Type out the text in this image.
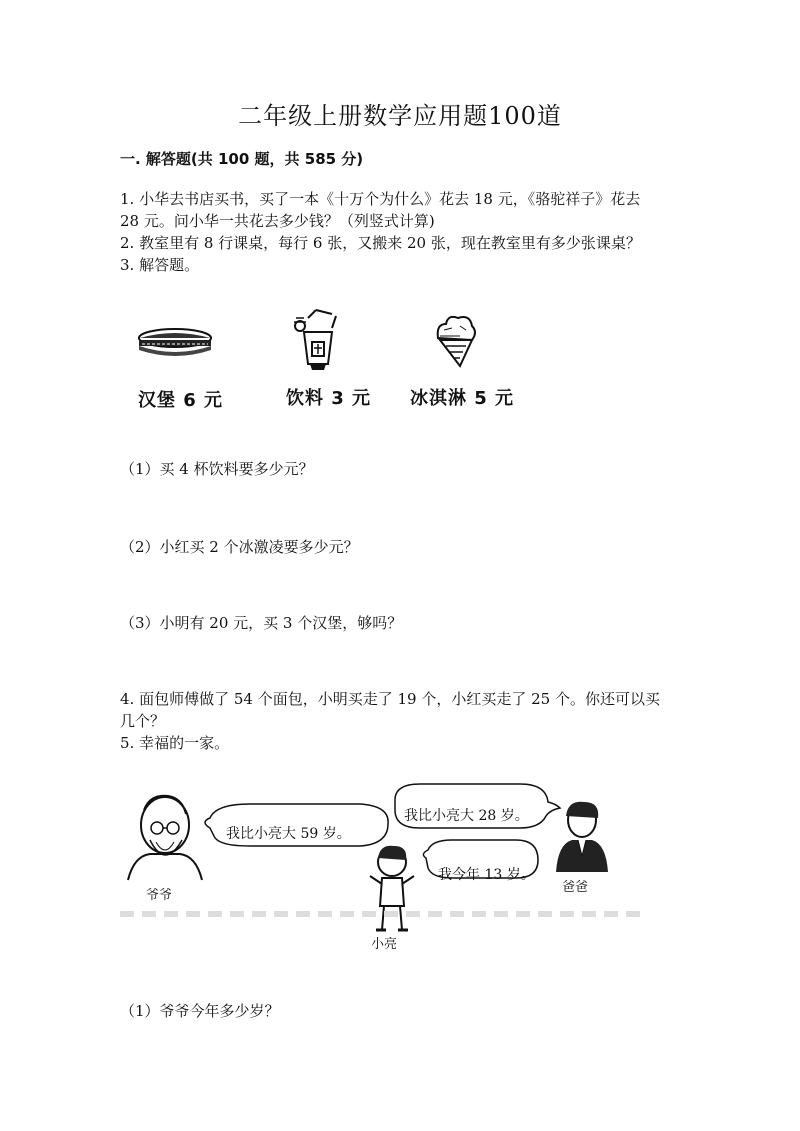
二年级上册数学应用题100道
一. 解答题(共 100 题，共 585 分)
1. 小华去书店买书，买了一本《十万个为什么》花去 18 元，《骆驼祥子》花去
28 元。问小华一共花去多少钱？（列竖式计算)
2. 教室里有 8 行课桌，每行 6 张，又搬来 20 张，现在教室里有多少张课桌？
3. 解答题。
汉堡 6 元	饮料 3 元 冰淇淋 5 元
（1）买 4 杯饮料要多少元？
（2）小红买 2 个冰激凌要多少元？
（3）小明有 20 元，买 3 个汉堡，够吗？
4. 面包师傅做了 54 个面包，小明买走了 19 个，小红买走了 25 个。你还可以买
几个？
5. 幸福的一家。
我比小亮大 59 岁。
我比小亮大 28 岁。
我今年 13 岁。
爷爷
爸爸
小亮
（1）爷爷今年多少岁？
